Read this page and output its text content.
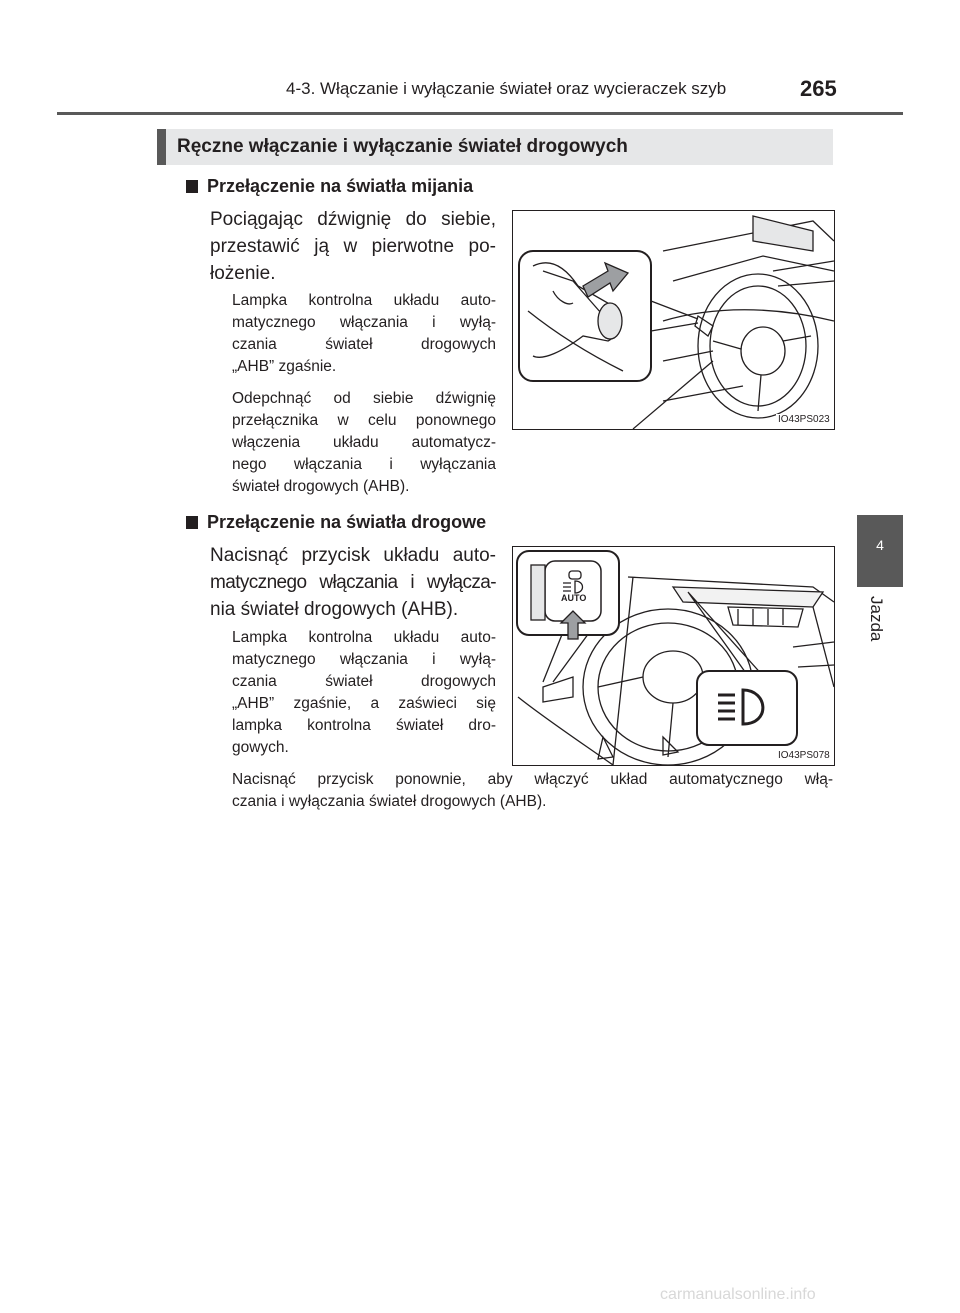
4-3. Włączanie i wyłączanie świateł oraz wycieraczek szyb	265
4
Jazda
Ręczne włączanie i wyłączanie świateł drogowych
Przełączenie na światła mijania
Pociągając dźwignię do siebie,
przestawić ją w pierwotne po-
łożenie.
Lampka kontrolna układu auto-
matycznego włączania i wyłą-
czania świateł drogowych
„AHB” zgaśnie.
Odepchnąć od siebie dźwignię
przełącznika w celu ponownego
włączenia układu automatycz-
nego włączania i wyłączania
świateł drogowych (AHB).
IO43PS023
Przełączenie na światła drogowe
Nacisnąć przycisk układu auto-
matycznego włączania i wyłącza-
nia świateł drogowych (AHB).
Lampka kontrolna układu auto-
matycznego włączania i wyłą-
czania świateł drogowych
„AHB” zgaśnie, a zaświeci się
lampka kontrolna świateł dro-
gowych.
Nacisnąć przycisk ponownie, aby włączyć układ automatycznego włą-
czania i wyłączania świateł drogowych (AHB).
AUTO
IO43PS078
carmanualsonline.info
